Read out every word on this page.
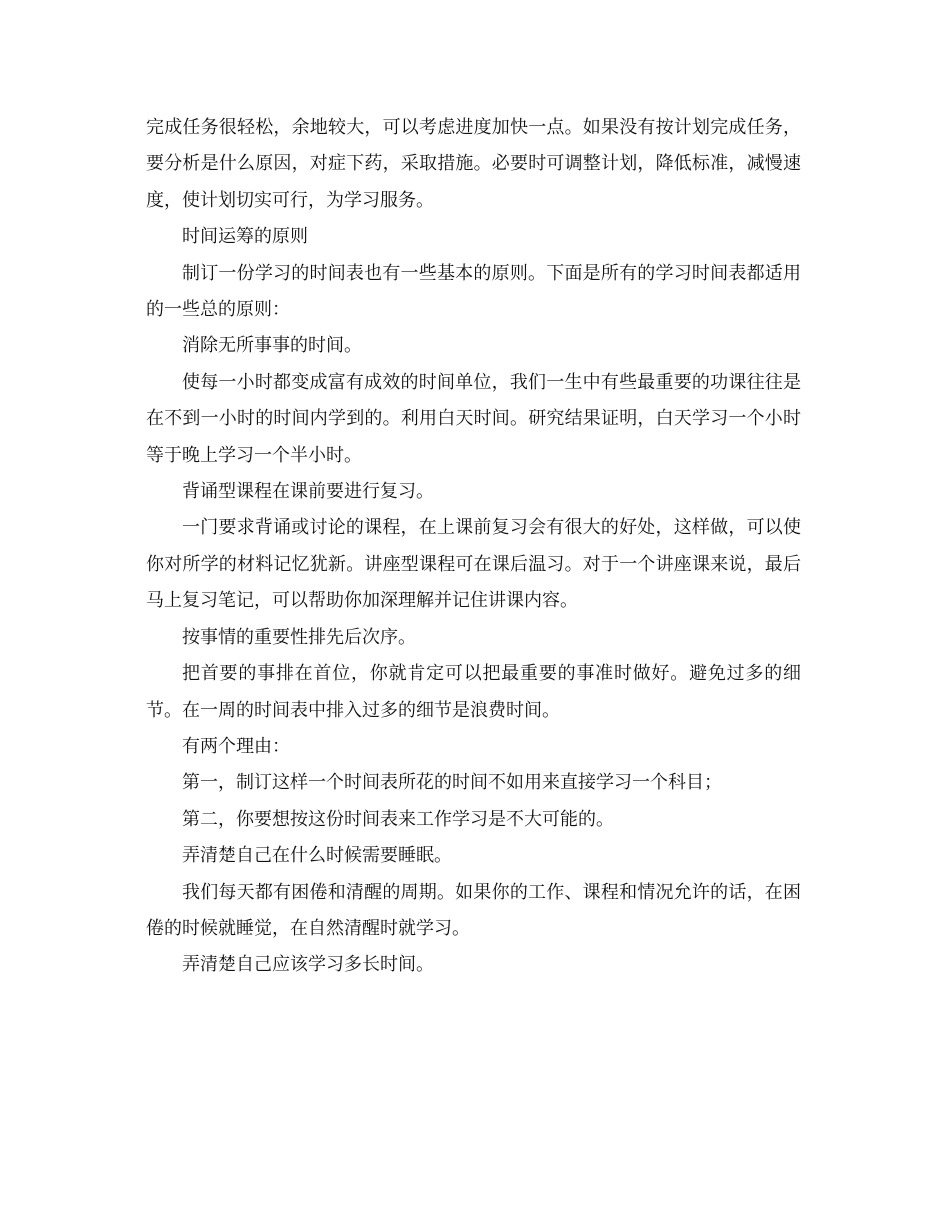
完成任务很轻松，余地较大，可以考虑进度加快一点。如果没有按计划完成任务，要分析是什么原因，对症下药，采取措施。必要时可调整计划，降低标准，减慢速度，使计划切实可行，为学习服务。

时间运筹的原则

制订一份学习的时间表也有一些基本的原则。下面是所有的学习时间表都适用的一些总的原则：

消除无所事事的时间。

使每一小时都变成富有成效的时间单位，我们一生中有些最重要的功课往往是在不到一小时的时间内学到的。利用白天时间。研究结果证明，白天学习一个小时等于晚上学习一个半小时。

背诵型课程在课前要进行复习。

一门要求背诵或讨论的课程，在上课前复习会有很大的好处，这样做，可以使你对所学的材料记忆犹新。讲座型课程可在课后温习。对于一个讲座课来说，最后马上复习笔记，可以帮助你加深理解并记住讲课内容。

按事情的重要性排先后次序。

把首要的事排在首位，你就肯定可以把最重要的事准时做好。避免过多的细节。在一周的时间表中排入过多的细节是浪费时间。

有两个理由：

第一，制订这样一个时间表所花的时间不如用来直接学习一个科目；

第二，你要想按这份时间表来工作学习是不大可能的。

弄清楚自己在什么时候需要睡眠。

我们每天都有困倦和清醒的周期。如果你的工作、课程和情况允许的话，在困倦的时候就睡觉，在自然清醒时就学习。

弄清楚自己应该学习多长时间。
